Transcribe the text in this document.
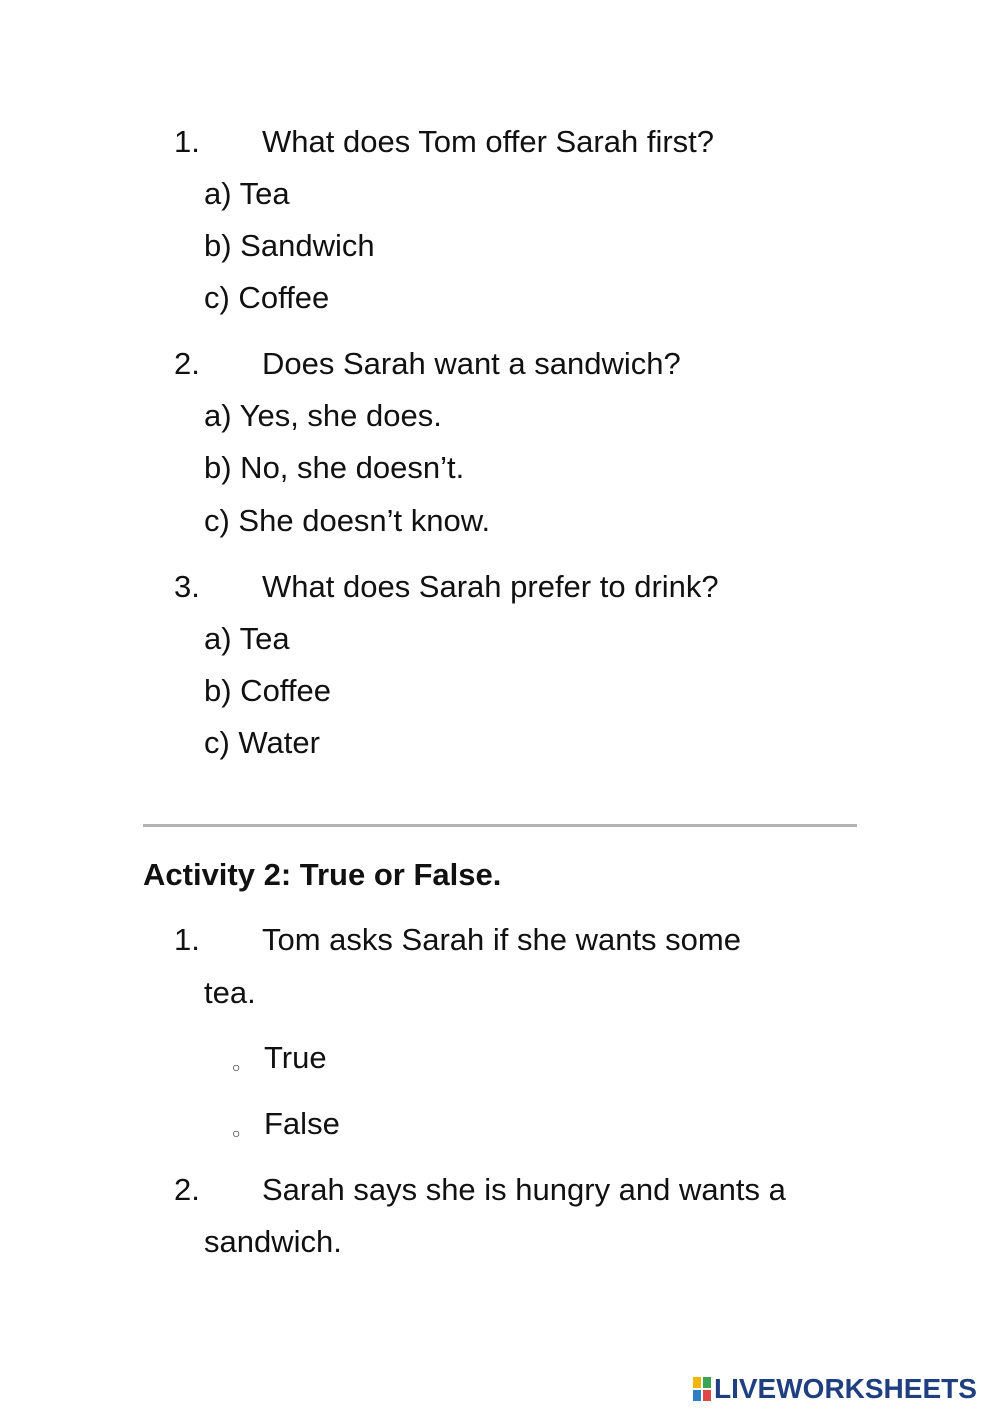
1. What does Tom offer Sarah first?
a) Tea
b) Sandwich
c) Coffee
2. Does Sarah want a sandwich?
a) Yes, she does.
b) No, she doesn’t.
c) She doesn’t know.
3. What does Sarah prefer to drink?
a) Tea
b) Coffee
c) Water
Activity 2: True or False.
1. Tom asks Sarah if she wants some
tea.
○ True
○ False
2. Sarah says she is hungry and wants a
sandwich.
LIVEWORKSHEETS
